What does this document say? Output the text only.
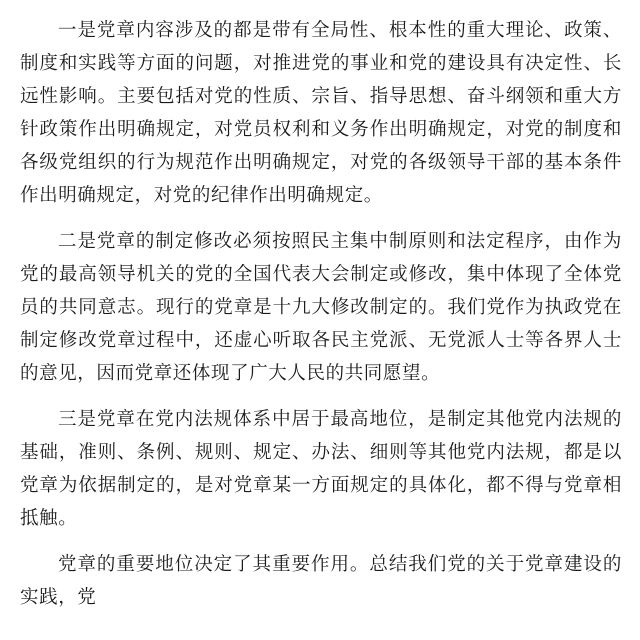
一是党章内容涉及的都是带有全局性、根本性的重大理论、政策、制度和实践等方面的问题，对推进党的事业和党的建设具有决定性、长远性影响。主要包括对党的性质、宗旨、指导思想、奋斗纲领和重大方针政策作出明确规定，对党员权利和义务作出明确规定，对党的制度和各级党组织的行为规范作出明确规定，对党的各级领导干部的基本条件作出明确规定，对党的纪律作出明确规定。

二是党章的制定修改必须按照民主集中制原则和法定程序，由作为党的最高领导机关的党的全国代表大会制定或修改，集中体现了全体党员的共同意志。现行的党章是十九大修改制定的。我们党作为执政党在制定修改党章过程中，还虚心听取各民主党派、无党派人士等各界人士的意见，因而党章还体现了广大人民的共同愿望。

三是党章在党内法规体系中居于最高地位，是制定其他党内法规的基础，准则、条例、规则、规定、办法、细则等其他党内法规，都是以党章为依据制定的，是对党章某一方面规定的具体化，都不得与党章相抵触。

党章的重要地位决定了其重要作用。总结我们党的关于党章建设的实践，党
